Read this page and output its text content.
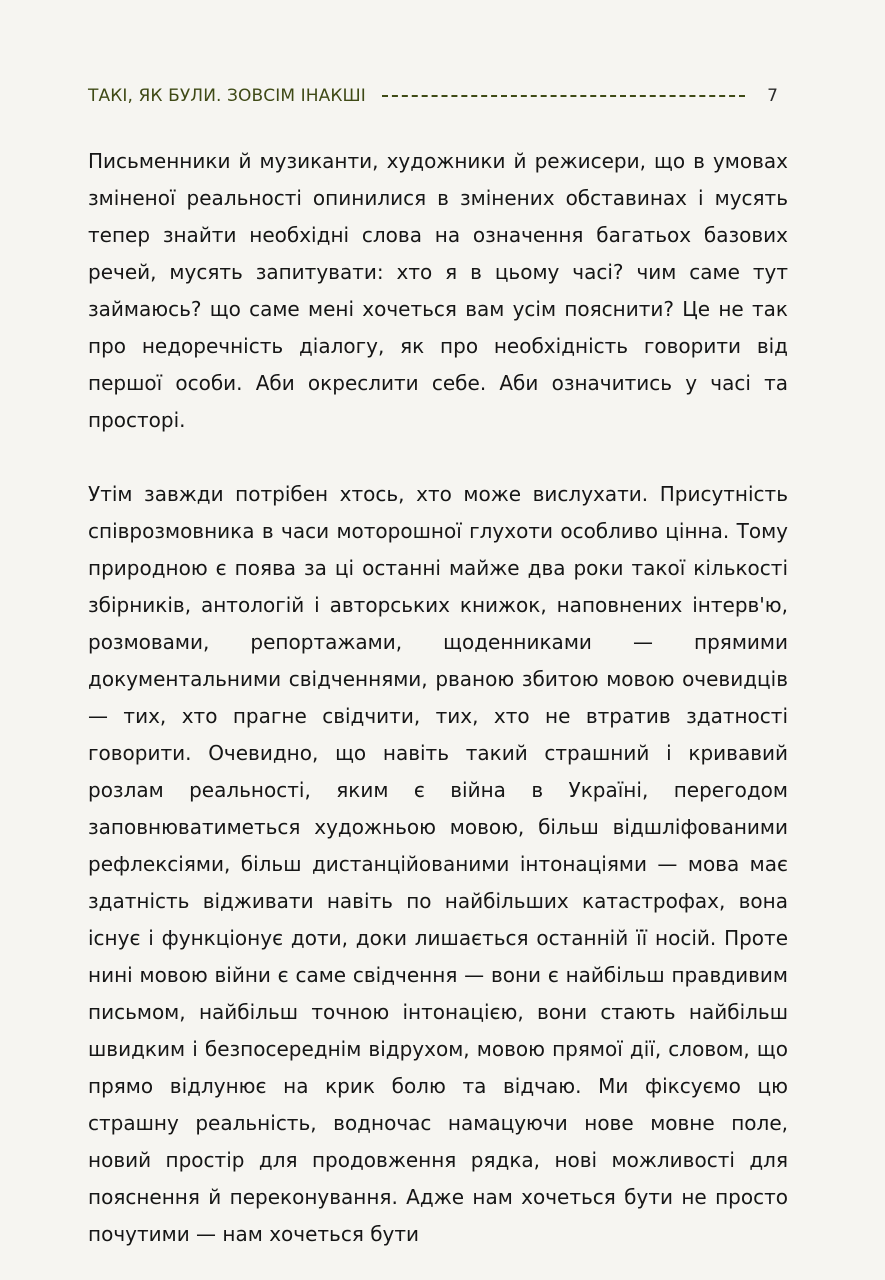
ТАКІ, ЯК БУЛИ. ЗОВСІМ ІНАКШІ	7

Письменники й музиканти, художники й режисери, що в умовах зміненої реальності опинилися в змінених обставинах і мусять тепер знайти необхідні слова на означення багатьох базових речей, мусять запитувати: хто я в цьому часі? чим саме тут займаюсь? що саме мені хочеться вам усім пояснити? Це не так про недоречність діалогу, як про необхідність говорити від першої особи. Аби окреслити себе. Аби означитись у часі та просторі.

Утім завжди потрібен хтось, хто може вислухати. Присутність співрозмовника в часи моторошної глухоти особливо цінна. Тому природною є поява за ці останні майже два роки такої кількості збірників, антологій і авторських книжок, наповнених інтерв'ю, розмовами, репортажами, щоденниками — прямими документальними свідченнями, рваною збитою мовою очевидців — тих, хто прагне свідчити, тих, хто не втратив здатності говорити. Очевидно, що навіть такий страшний і кривавий розлам реальності, яким є війна в Україні, перегодом заповнюватиметься художньою мовою, більш відшліфованими рефлексіями, більш дистанційованими інтонаціями — мова має здатність відживати навіть по найбільших катастрофах, вона існує і функціонує доти, доки лишається останній її носій. Проте нині мовою війни є саме свідчення — вони є найбільш правдивим письмом, найбільш точною інтонацією, вони стають найбільш швидким і безпосереднім відрухом, мовою прямої дії, словом, що прямо відлунює на крик болю та відчаю. Ми фіксуємо цю страшну реальність, водночас намацуючи нове мовне поле, новий простір для продовження рядка, нові можливості для пояснення й переконування. Адже нам хочеться бути не просто почутими — нам хочеться бути
